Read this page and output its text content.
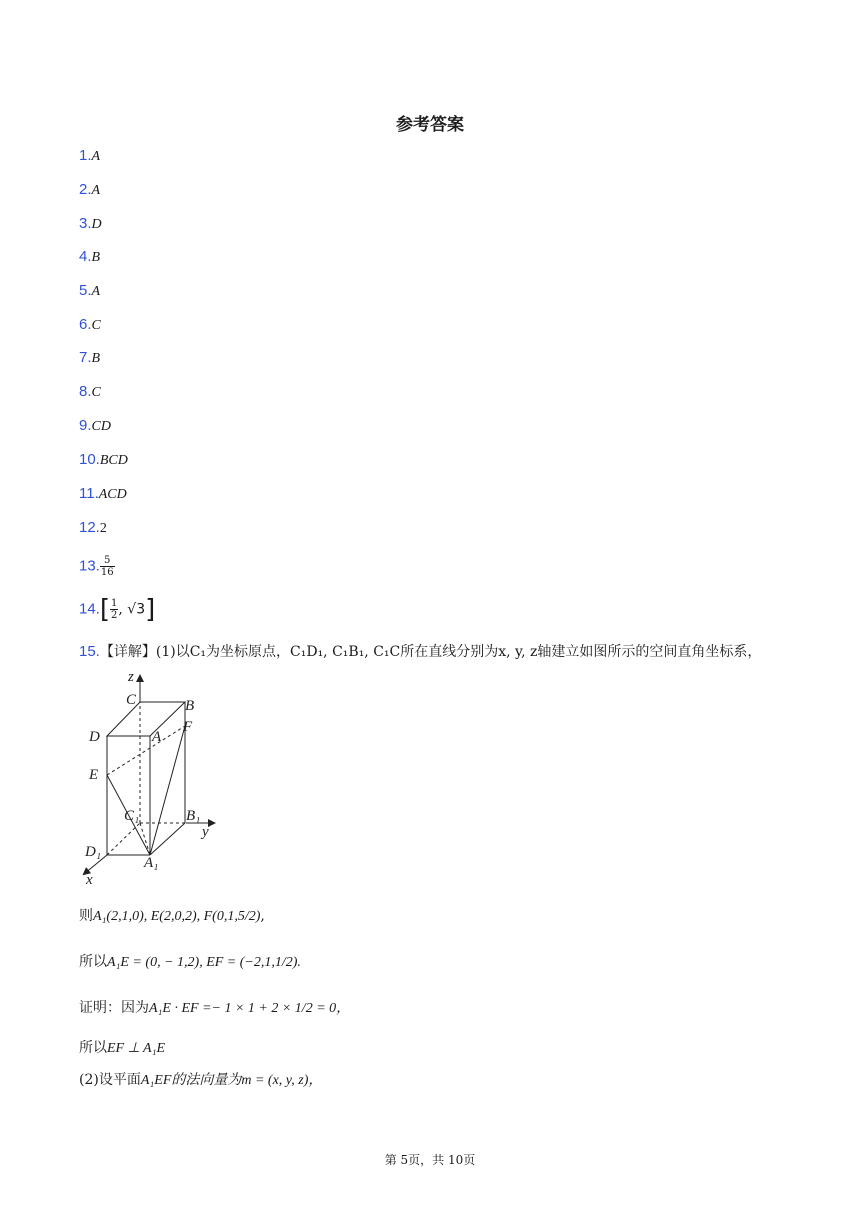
参考答案
1.A
2.A
3.D
4.B
5.A
6.C
7.B
8.C
9.CD
10.BCD
11.ACD
12.2
13. $\frac{5}{16}$
$14.[ \frac{1}{2}$ , √3]
15.【详解】(1)以C₁为坐标原点，C₁D₁, C₁B₁, C₁C所在直线分别为x, y, z轴建立如图所示的空间直角坐标系，
z
C	B
F
D	A
E
B₁
C₁
y
D₁
A₁
x
则A₁(2,1,0), E(2,0,2), F(0,1,5/2),
所以A₁E = (0, − 1,2), EF = (−2,1,1/2).
证明：因为A₁E · EF =− 1 × 1 + 2 × 1/2 = 0，
所以EF ⊥ A₁E
(2)设平面A₁EF的法向量为m = (x, y, z)，
第 5页，共 10页
